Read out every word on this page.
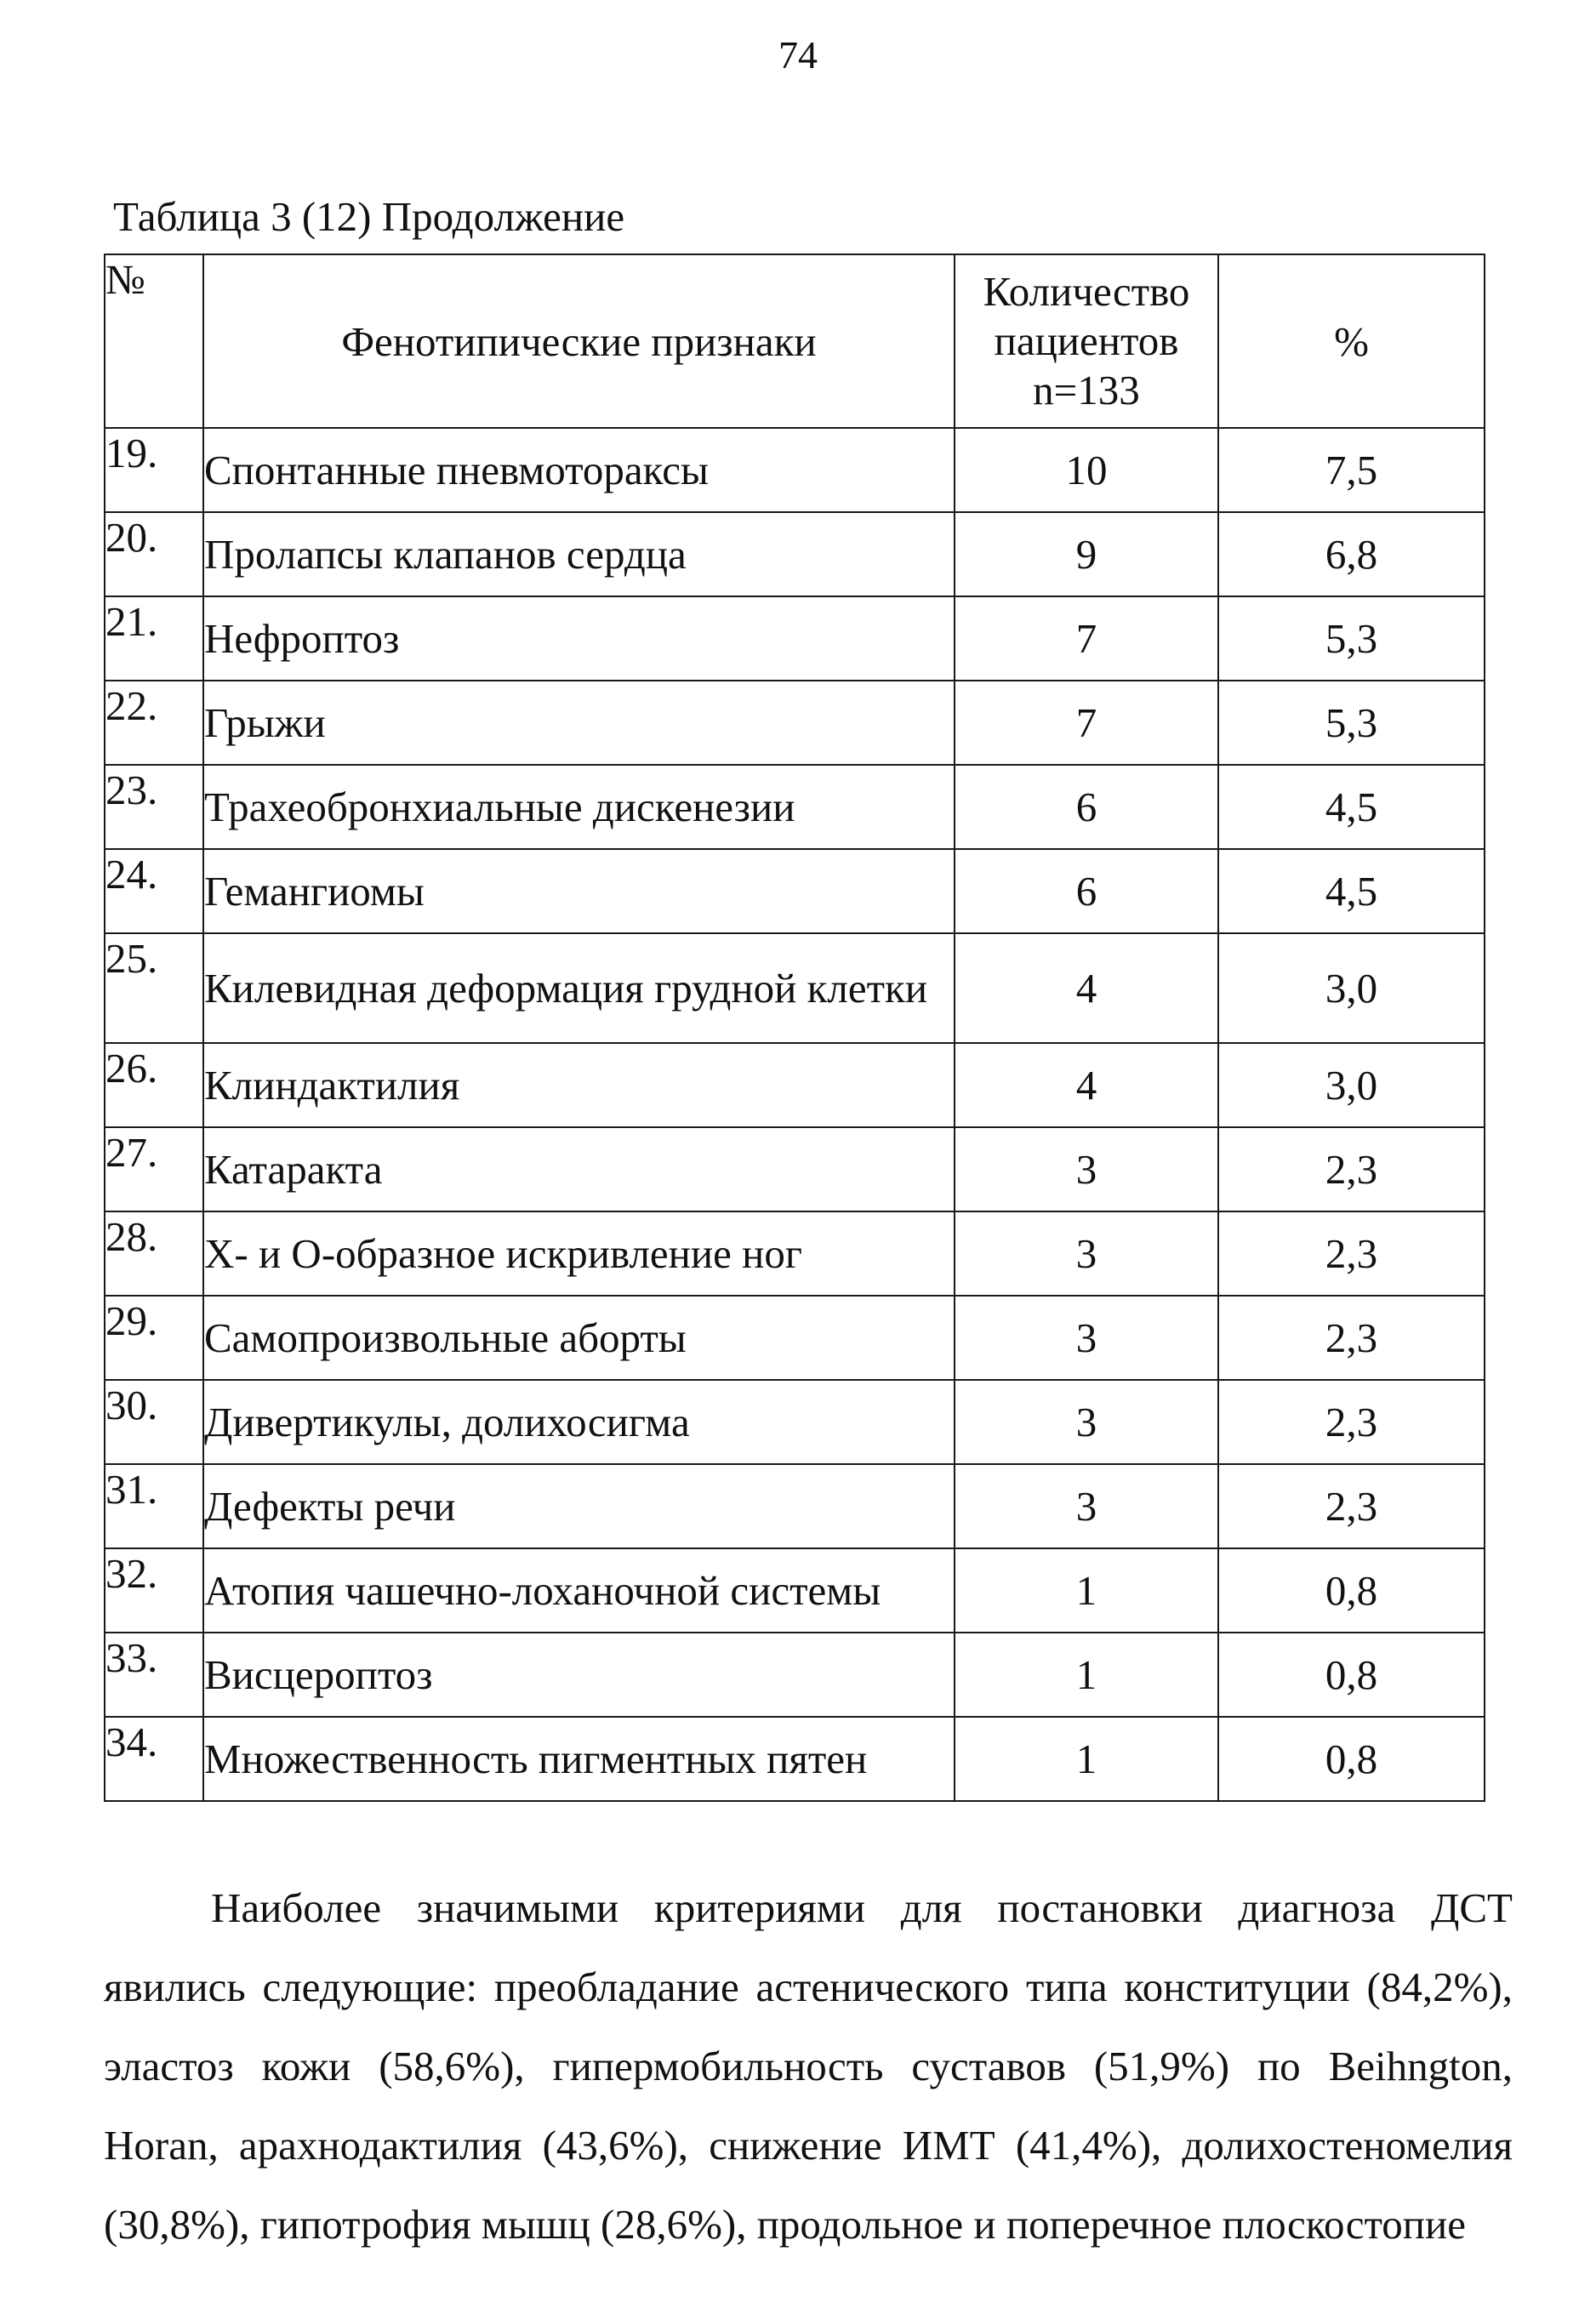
74
Таблица 3 (12) Продолжение
№	Фенотипические признаки	Количество
пациентов
n=133	%
19.	Спонтанные пневмотораксы	10	7,5
20.	Пролапсы клапанов сердца	9	6,8
21.	Нефроптоз	7	5,3
22.	Грыжи	7	5,3
23.	Трахеобронхиальные дискенезии	6	4,5
24.	Гемангиомы	6	4,5
25.	Килевидная деформация грудной клетки	4	3,0
26.	Клиндактилия	4	3,0
27.	Катаракта	3	2,3
28.	Х- и О-образное искривление ног	3	2,3
29.	Самопроизвольные аборты	3	2,3
30.	Дивертикулы, долихосигма	3	2,3
31.	Дефекты речи	3	2,3
32.	Атопия чашечно-лоханочной системы	1	0,8
33.	Висцероптоз	1	0,8
34.	Множественность пигментных пятен	1	0,8

Наиболее значимыми критериями для постановки диагноза ДСТ явились следующие: преобладание астенического типа конституции (84,2%), эластоз кожи (58,6%), гипермобильность суставов (51,9%) по Beihngton, Horan, арахнодактилия (43,6%), снижение ИМТ (41,4%), долихостеномелия (30,8%), гипотрофия мышц (28,6%), продольное и поперечное плоскостопие
